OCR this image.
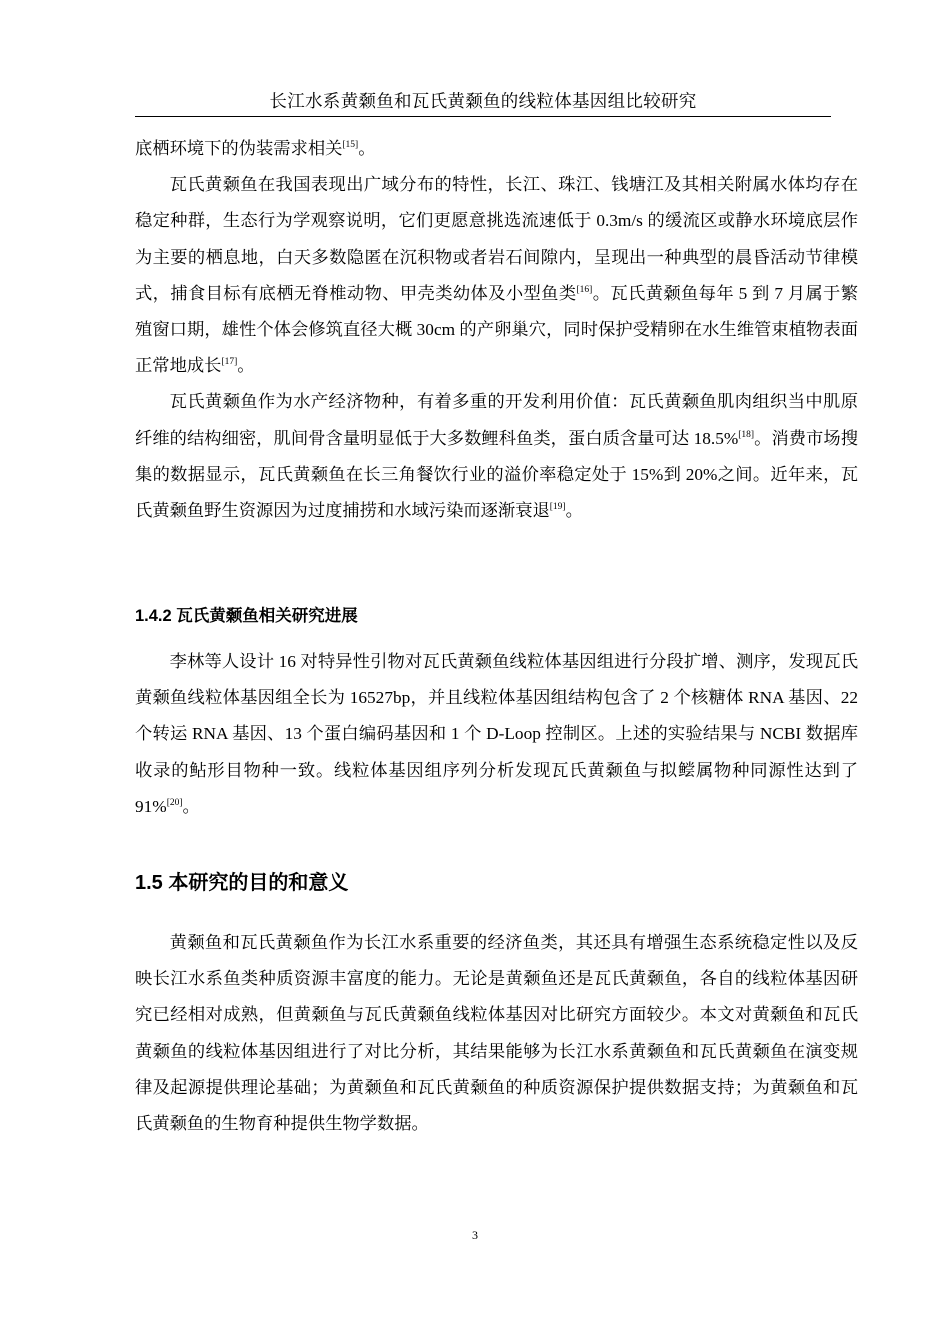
长江水系黄颡鱼和瓦氏黄颡鱼的线粒体基因组比较研究

底栖环境下的伪装需求相关[15]。

瓦氏黄颡鱼在我国表现出广域分布的特性，长江、珠江、钱塘江及其相关附属水体均存在稳定种群，生态行为学观察说明，它们更愿意挑选流速低于 0.3m/s 的缓流区或静水环境底层作为主要的栖息地，白天多数隐匿在沉积物或者岩石间隙内，呈现出一种典型的晨昏活动节律模式，捕食目标有底栖无脊椎动物、甲壳类幼体及小型鱼类[16]。瓦氏黄颡鱼每年 5 到 7 月属于繁殖窗口期，雄性个体会修筑直径大概 30cm 的产卵巢穴，同时保护受精卵在水生维管束植物表面正常地成长[17]。

瓦氏黄颡鱼作为水产经济物种，有着多重的开发利用价值：瓦氏黄颡鱼肌肉组织当中肌原纤维的结构细密，肌间骨含量明显低于大多数鲤科鱼类，蛋白质含量可达 18.5%[18]。消费市场搜集的数据显示，瓦氏黄颡鱼在长三角餐饮行业的溢价率稳定处于 15%到 20%之间。近年来，瓦氏黄颡鱼野生资源因为过度捕捞和水域污染而逐渐衰退[19]。

1.4.2 瓦氏黄颡鱼相关研究进展

李林等人设计 16 对特异性引物对瓦氏黄颡鱼线粒体基因组进行分段扩增、测序，发现瓦氏黄颡鱼线粒体基因组全长为 16527bp，并且线粒体基因组结构包含了 2 个核糖体 RNA 基因、22 个转运 RNA 基因、13 个蛋白编码基因和 1 个 D-Loop 控制区。上述的实验结果与 NCBI 数据库收录的鲇形目物种一致。线粒体基因组序列分析发现瓦氏黄颡鱼与拟鲿属物种同源性达到了 91%[20]。

1.5 本研究的目的和意义

黄颡鱼和瓦氏黄颡鱼作为长江水系重要的经济鱼类，其还具有增强生态系统稳定性以及反映长江水系鱼类种质资源丰富度的能力。无论是黄颡鱼还是瓦氏黄颡鱼，各自的线粒体基因研究已经相对成熟，但黄颡鱼与瓦氏黄颡鱼线粒体基因对比研究方面较少。本文对黄颡鱼和瓦氏黄颡鱼的线粒体基因组进行了对比分析，其结果能够为长江水系黄颡鱼和瓦氏黄颡鱼在演变规律及起源提供理论基础；为黄颡鱼和瓦氏黄颡鱼的种质资源保护提供数据支持；为黄颡鱼和瓦氏黄颡鱼的生物育种提供生物学数据。

3
